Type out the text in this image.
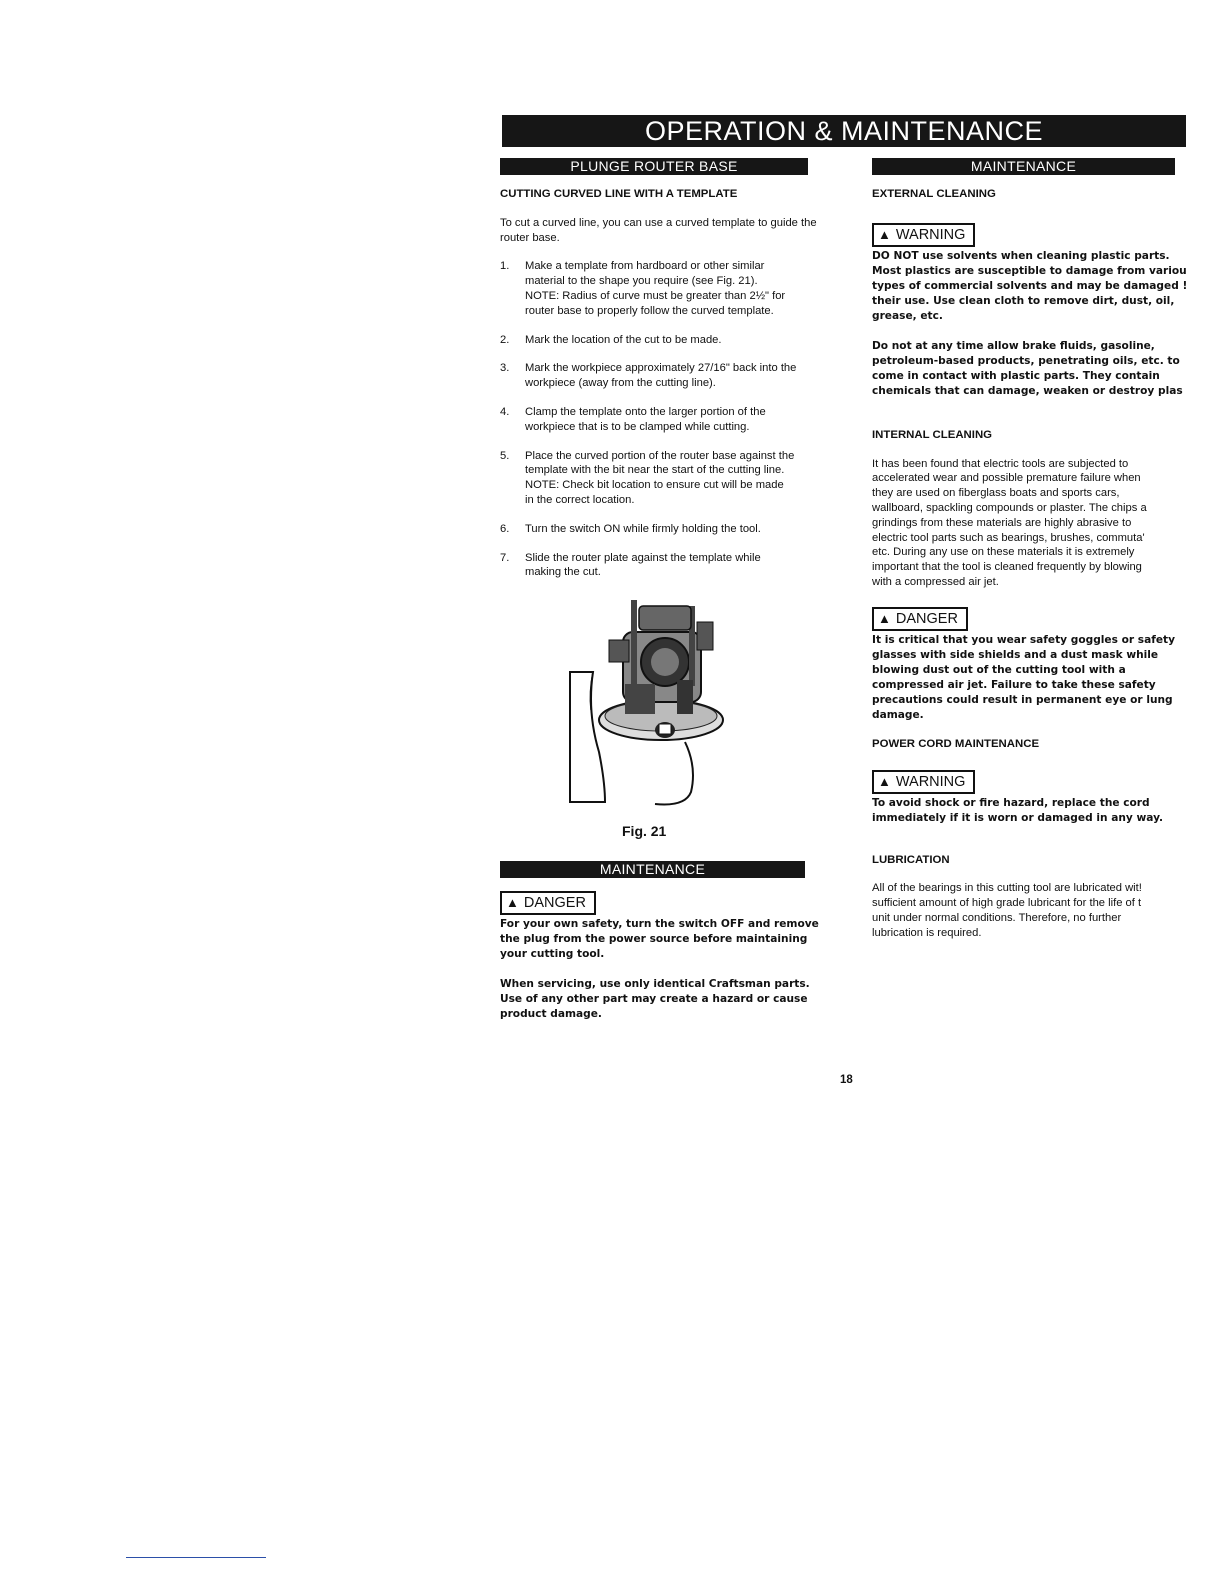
OPERATION & MAINTENANCE
PLUNGE ROUTER BASE	MAINTENANCE
MAINTENANCE

CUTTING CURVED LINE WITH A TEMPLATE

To cut a curved line, you can use a curved template to guide the router base.

1. Make a template from hardboard or other similar
material to the shape you require (see Fig. 21).
NOTE: Radius of curve must be greater than 2½" for
router base to properly follow the curved template.
2. Mark the location of the cut to be made.
3. Mark the workpiece approximately 27/16" back into the
workpiece (away from the cutting line).
4. Clamp the template onto the larger portion of the
workpiece that is to be clamped while cutting.
5. Place the curved portion of the router base against the
template with the bit near the start of the cutting line.
NOTE: Check bit location to ensure cut will be made
in the correct location.
6. Turn the switch ON while firmly holding the tool.
7. Slide the router plate against the template while
making the cut.
Fig. 21
▲ DANGER
For your own safety, turn the switch OFF and remove
the plug from the power source before maintaining
your cutting tool.
When servicing, use only identical Craftsman parts.
Use of any other part may create a hazard or cause
product damage.

EXTERNAL CLEANING

▲ WARNING
DO NOT use solvents when cleaning plastic parts.
Most plastics are susceptible to damage from variou
types of commercial solvents and may be damaged !
their use. Use clean cloth to remove dirt, dust, oil,
grease, etc.
Do not at any time allow brake fluids, gasoline,
petroleum-based products, penetrating oils, etc. to
come in contact with plastic parts. They contain
chemicals that can damage, weaken or destroy plas

INTERNAL CLEANING

It has been found that electric tools are subjected to
accelerated wear and possible premature failure when
they are used on fiberglass boats and sports cars,
wallboard, spackling compounds or plaster. The chips a
grindings from these materials are highly abrasive to
electric tool parts such as bearings, brushes, commuta'
etc. During any use on these materials it is extremely
important that the tool is cleaned frequently by blowing
with a compressed air jet.
▲ DANGER
It is critical that you wear safety goggles or safety
glasses with side shields and a dust mask while
blowing dust out of the cutting tool with a
compressed air jet. Failure to take these safety
precautions could result in permanent eye or lung
damage.

POWER CORD MAINTENANCE

▲ WARNING
To avoid shock or fire hazard, replace the cord
immediately if it is worn or damaged in any way.

LUBRICATION

All of the bearings in this cutting tool are lubricated wit!
sufficient amount of high grade lubricant for the life of t
unit under normal conditions. Therefore, no further
lubrication is required.
18
